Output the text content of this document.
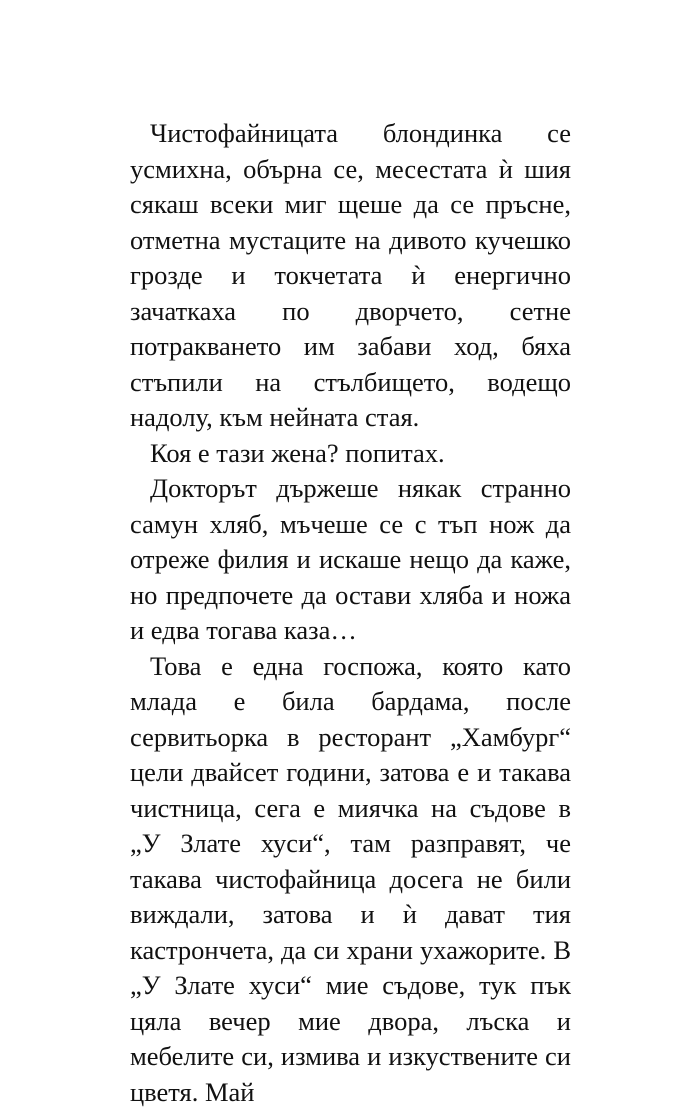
Чистофайницата блондинка се усмихна, обърна се, месестата ѝ шия сякаш всеки миг щеше да се пръсне, отметна мустаците на дивото кучешко грозде и токчетата ѝ енергично зачаткаха по дворчето, сетне потракването им забави ход, бяха стъпили на стълбището, водещо надолу, към нейната стая.

Коя е тази жена? попитах.

Докторът държеше някак странно самун хляб, мъчеше се с тъп нож да отреже филия и искаше нещо да каже, но предпочете да остави хляба и ножа и едва тогава каза…

Това е една госпожа, която като млада е била бардама, после сервитьорка в ресторант „Хамбург“ цели двайсет години, затова е и такава чистница, сега е миячка на съдове в „У Злате хуси“, там разправят, че такава чистофайница досега не били виждали, затова и ѝ дават тия кастрончета, да си храни ухажорите. В „У Злате хуси“ мие съдове, тук пък цяла вечер мие двора, лъска и мебелите си, измива и изкуствените си цветя. Май
